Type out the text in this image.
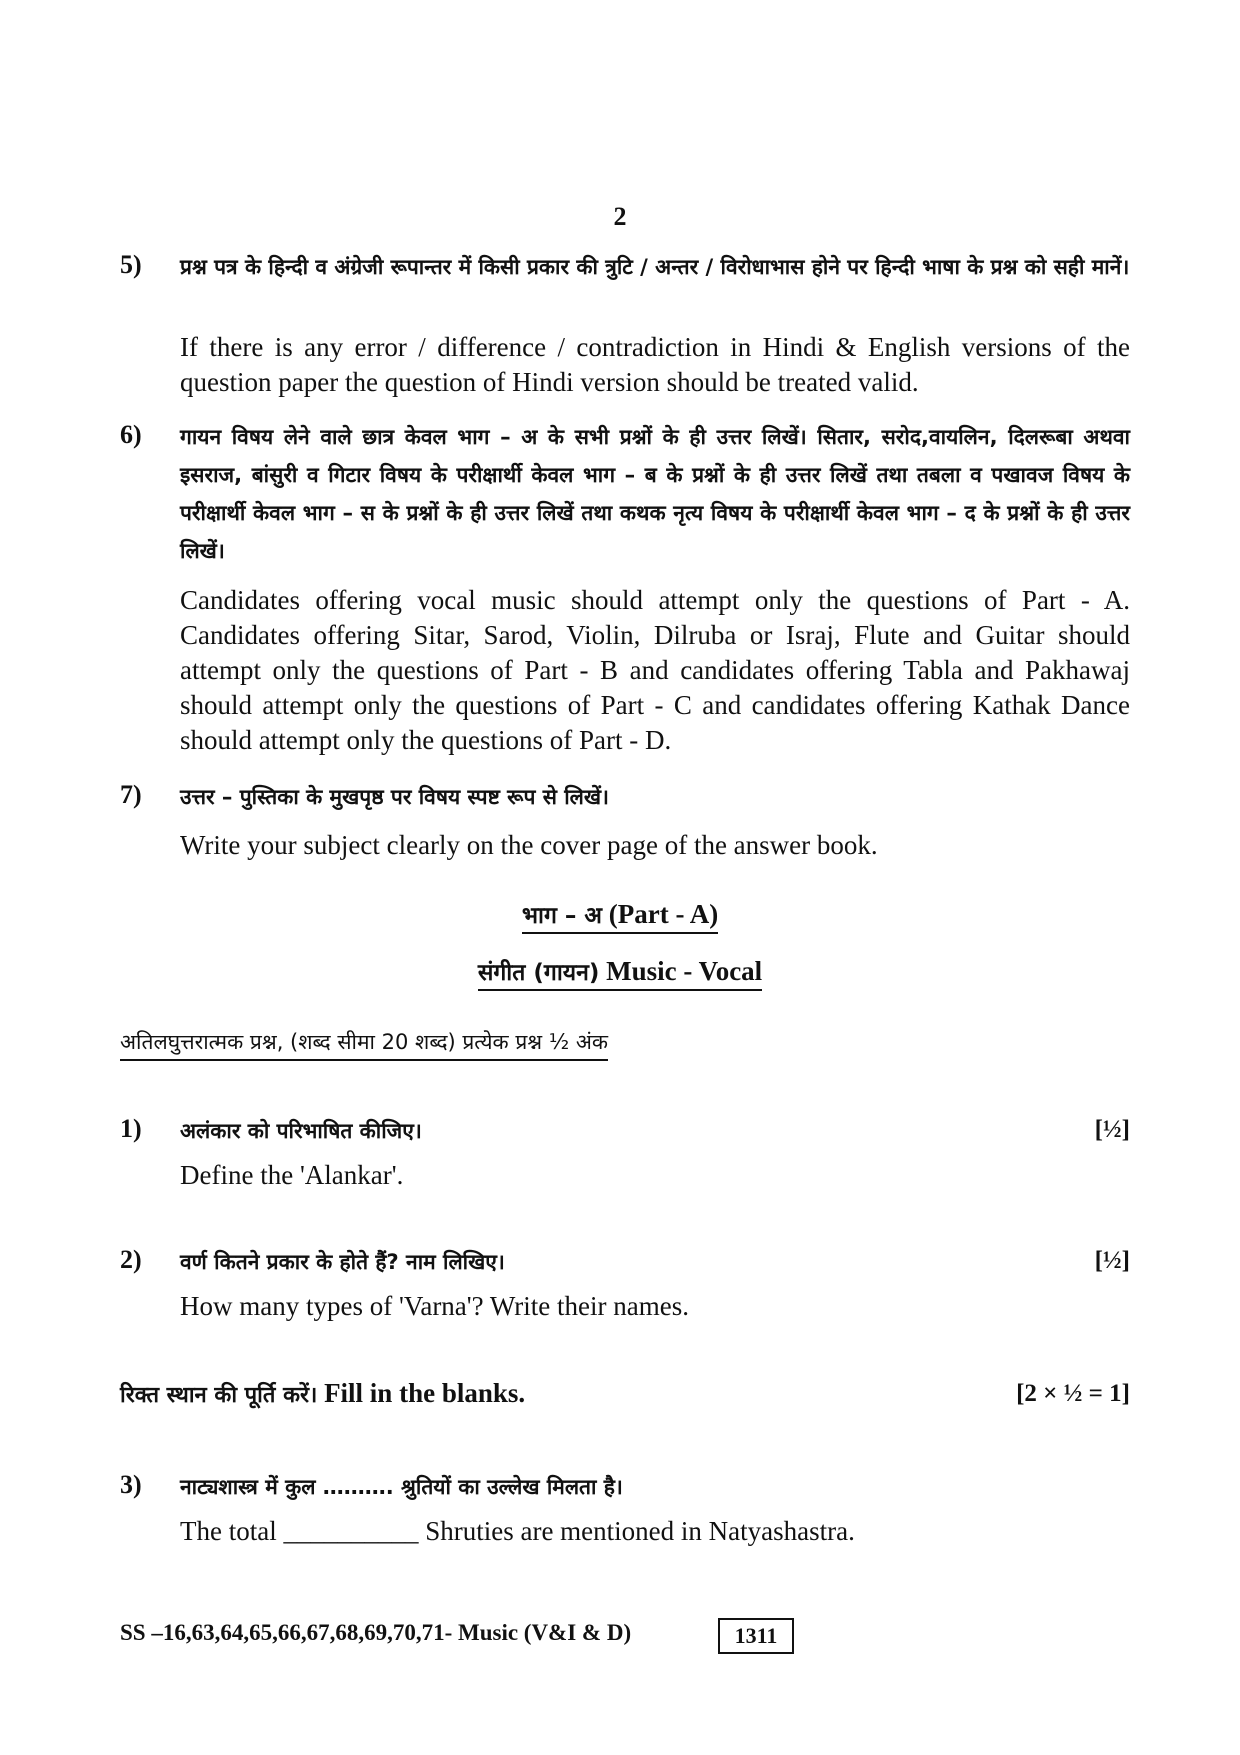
2
5) प्रश्न पत्र के हिन्दी व अंग्रेजी रूपान्तर में किसी प्रकार की त्रुटि / अन्तर / विरोधाभास होने पर हिन्दी भाषा के प्रश्न को सही मानें।
If there is any error / difference / contradiction in Hindi & English versions of the question paper the question of Hindi version should be treated valid.
6) गायन विषय लेने वाले छात्र केवल भाग – अ के सभी प्रश्नों के ही उत्तर लिखें। सितार, सरोद,वायलिन, दिलरूबा अथवा इसराज, बांसुरी व गिटार विषय के परीक्षार्थी केवल भाग – ब के प्रश्नों के ही उत्तर लिखें तथा तबला व पखावज विषय के परीक्षार्थी केवल भाग – स के प्रश्नों के ही उत्तर लिखें तथा कथक नृत्य विषय के परीक्षार्थी केवल भाग – द के प्रश्नों के ही उत्तर लिखें।
Candidates offering vocal music should attempt only the questions of Part - A. Candidates offering Sitar, Sarod, Violin, Dilruba or Israj, Flute and Guitar should attempt only the questions of Part - B and candidates offering Tabla and Pakhawaj should attempt only the questions of Part - C and candidates offering Kathak Dance should attempt only the questions of Part - D.
7) उत्तर – पुस्तिका के मुखपृष्ठ पर विषय स्पष्ट रूप से लिखें।
Write your subject clearly on the cover page of the answer book.
भाग – अ (Part - A)
संगीत (गायन) Music - Vocal
अतिलघुत्तरात्मक प्रश्न, (शब्द सीमा 20 शब्द) प्रत्येक प्रश्न ½ अंक
1) अलंकार को परिभाषित कीजिए।	[½]
Define the 'Alankar'.
2) वर्ण कितने प्रकार के होते हैं? नाम लिखिए।	[½]
How many types of 'Varna'? Write their names.
रिक्त स्थान की पूर्ति करें। Fill in the blanks.	[2 × ½ = 1]
3) नाट्यशास्त्र में कुल ………. श्रुतियों का उल्लेख मिलता है।
The total __________ Shruties are mentioned in Natyashastra.
SS –16,63,64,65,66,67,68,69,70,71- Music (V&I & D)	1311
